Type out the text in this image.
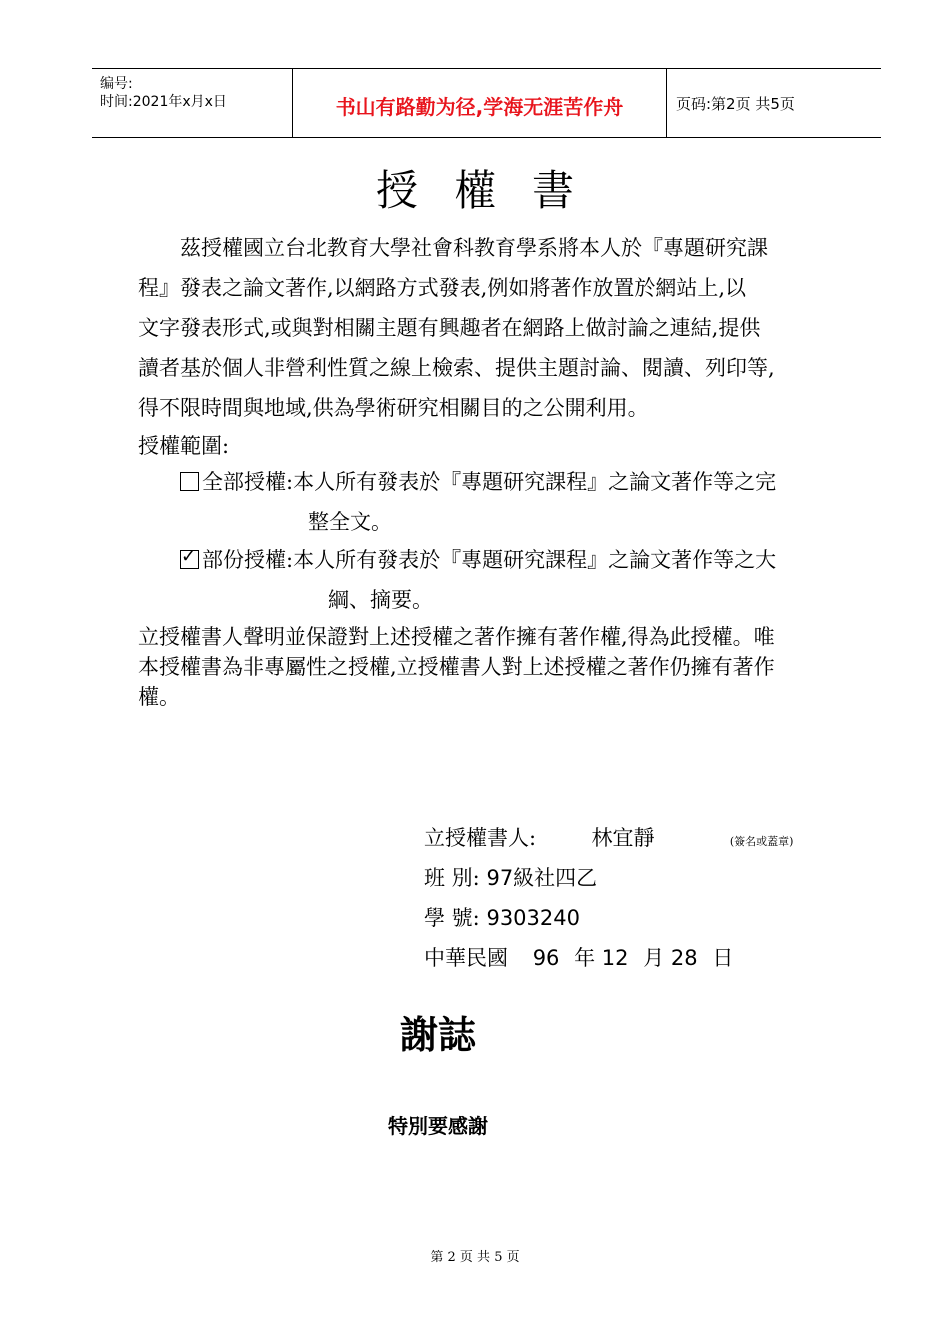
编号:
时间:2021年x月x日	书山有路勤为径,学海无涯苦作舟	页码:第2页 共5页
授權書
茲授權國立台北教育大學社會科教育學系將本人於『專題研究課
程』發表之論文著作,以網路方式發表,例如將著作放置於網站上,以
文字發表形式,或與對相關主題有興趣者在網路上做討論之連結,提供
讀者基於個人非營利性質之線上檢索、提供主題討論、閱讀、列印等,
得不限時間與地域,供為學術研究相關目的之公開利用。
授權範圍:
全部授權:本人所有發表於『專題研究課程』之論文著作等之完
整全文。
✓ 部份授權:本人所有發表於『專題研究課程』之論文著作等之大
綱、摘要。
立授權書人聲明並保證對上述授權之著作擁有著作權,得為此授權。唯
本授權書為非專屬性之授權,立授權書人對上述授權之著作仍擁有著作
權。
立授權書人:	林宜靜	(簽名或蓋章)
班 別: 97級社四乙
學 號: 9303240
中華民國 96 年 12 月 28 日
謝誌
特別要感謝
第 2 页 共 5 页
